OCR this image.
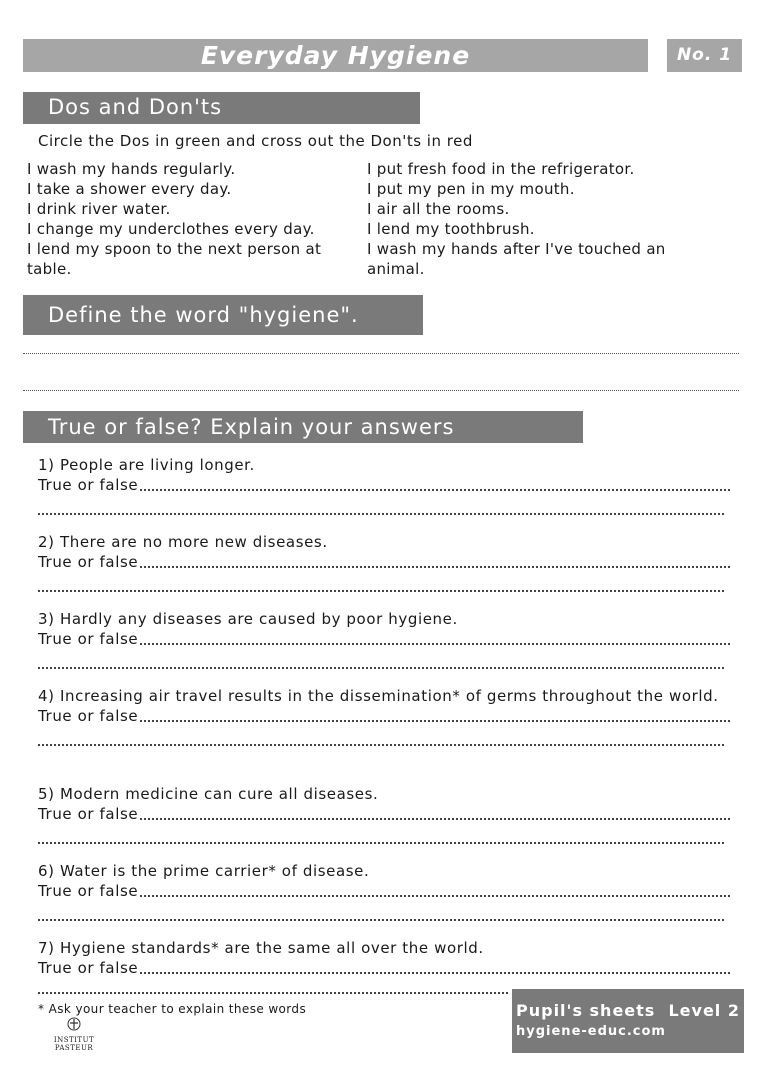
Everyday Hygiene	No. 1
Dos and Don'ts
Circle the Dos in green and cross out the Don'ts in red
I wash my hands regularly.
I take a shower every day.
I drink river water.
I change my underclothes every day.
I lend my spoon to the next person at table.
I put fresh food in the refrigerator.
I put my pen in my mouth.
I air all the rooms.
I lend my toothbrush.
I wash my hands after I've touched an animal.
Define the word "hygiene".
True or false? Explain your answers
1) People are living longer.
True or false
2) There are no more new diseases.
True or false
3) Hardly any diseases are caused by poor hygiene.
True or false
4) Increasing air travel results in the dissemination* of germs throughout the world.
True or false
5) Modern medicine can cure all diseases.
True or false
6) Water is the prime carrier* of disease.
True or false
7) Hygiene standards* are the same all over the world.
True or false
* Ask your teacher to explain these words
INSTITUT PASTEUR
Pupil's sheets Level 2
hygiene-educ.com
